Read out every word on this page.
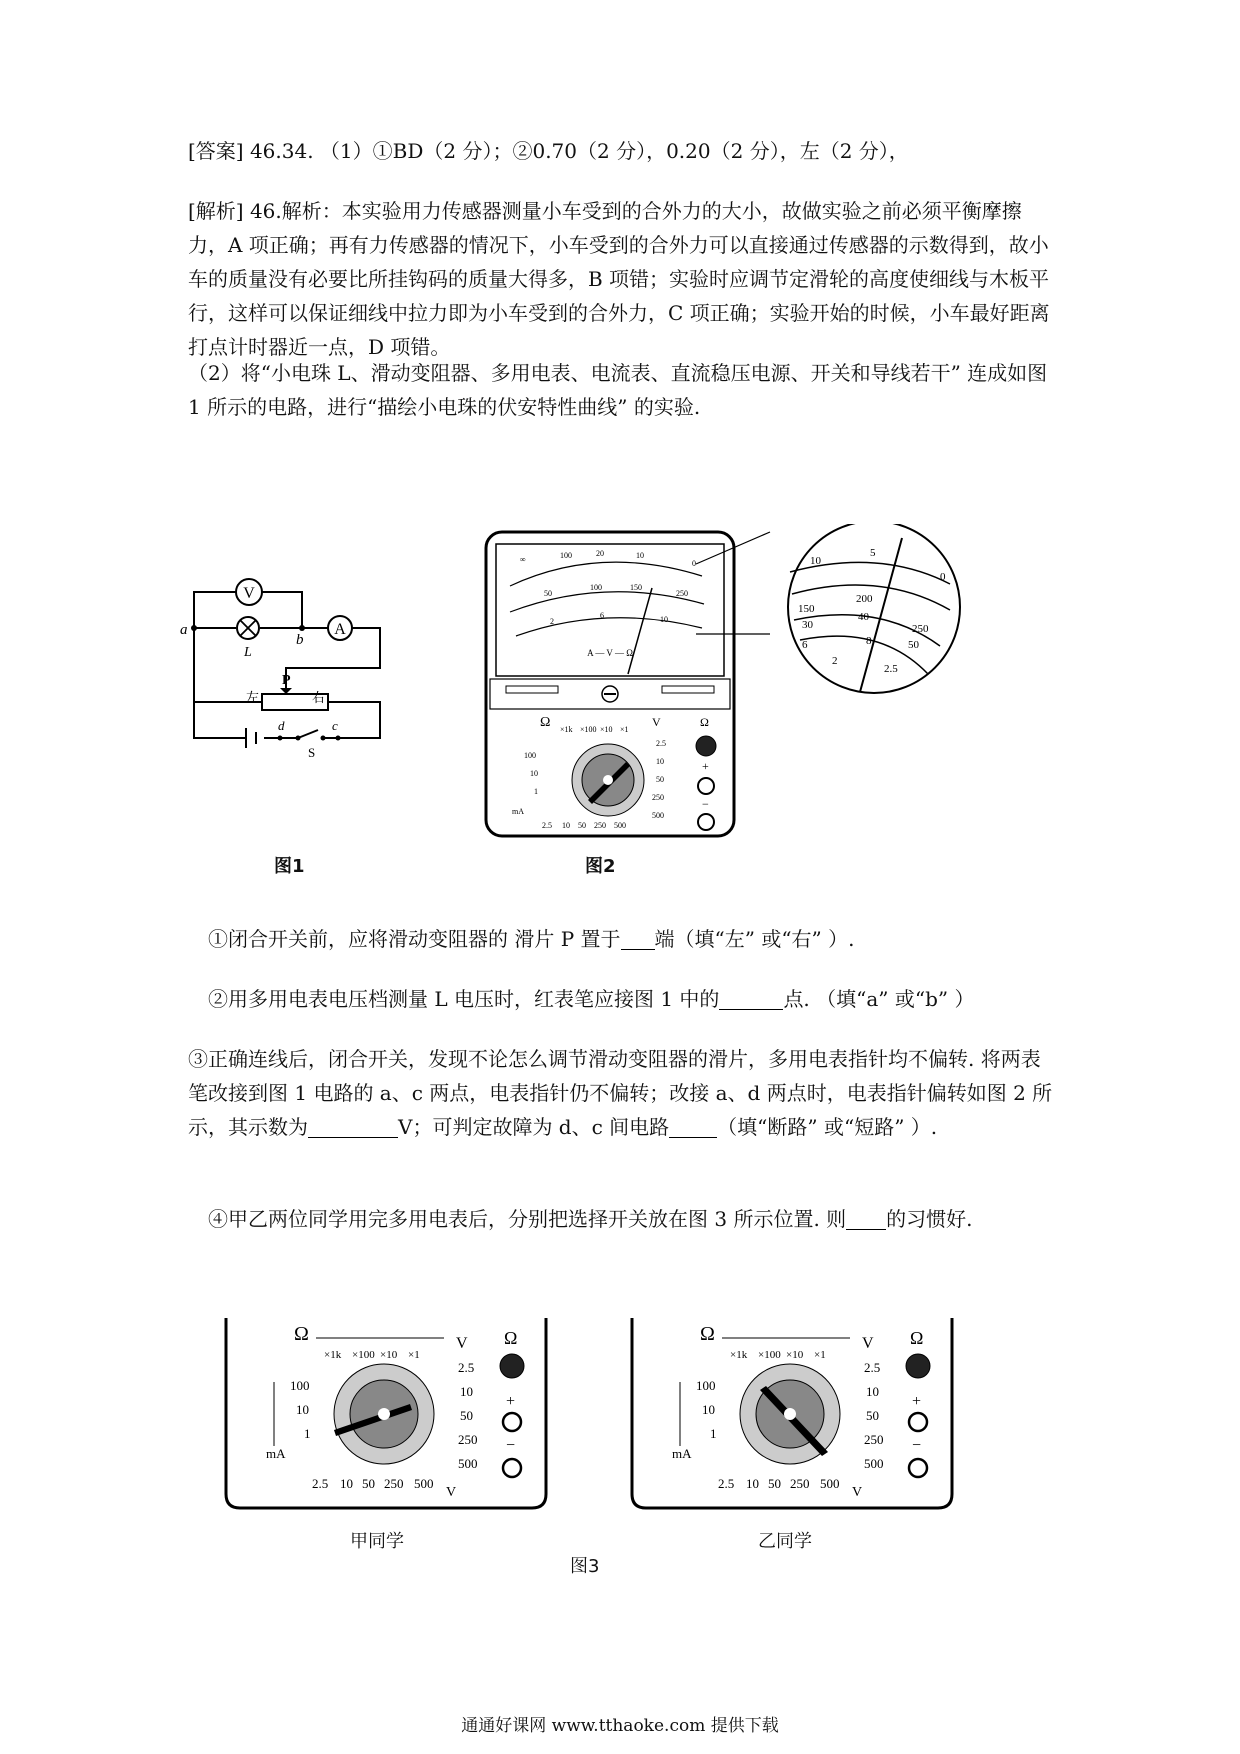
[答案] 46.34. （1）①BD（2 分）；②0.70（2 分），0.20（2 分），左（2 分），
[解析] 46.解析：本实验用力传感器测量小车受到的合外力的大小，故做实验之前必须平衡摩擦力，A 项正确；再有力传感器的情况下，小车受到的合外力可以直接通过传感器的示数得到，故小车的质量没有必要比所挂钩码的质量大得多，B 项错；实验时应调节定滑轮的高度使细线与木板平行，这样可以保证细线中拉力即为小车受到的合外力，C 项正确；实验开始的时候，小车最好距离打点计时器近一点，D 项错。
（2）将“小电珠 L、滑动变阻器、多用电表、电流表、直流稳压电源、开关和导线若干” 连成如图 1 所示的电路，进行“描绘小电珠的伏安特性曲线” 的实验.
V
A
a
b
L
P
左	右
d	c
S
图1
A — V — Ω
∞	100	20	10
0
50
100	150
250
2
6	10
Ω ×1k ×100 ×10 ×1
V
100
10
1
mA
2.5
10
50
250
500
2.5 10 50 250 500
Ω
+
−
10
5
0
150
30
200
40
250
50
6	8
2
2.5
图2
①闭合开关前，应将滑动变阻器的 滑片 P 置于 端（填“左” 或“右” ）.
②用多用电表电压档测量 L 电压时，红表笔应接图 1 中的	点. （填“a” 或“b” ）
③正确连线后，闭合开关，发现不论怎么调节滑动变阻器的滑片，多用电表指针均不偏转. 将两表笔改接到图 1 电路的 a、c 两点，电表指针仍不偏转；改接 a、d 两点时，电表指针偏转如图 2 所示，其示数为	V；可判定故障为 d、c 间电路 （填“断路” 或“短路” ）.
④甲乙两位同学用完多用电表后，分别把选择开关放在图 3 所示位置. 则 的习惯好.
Ω
×1k ×100 ×10 ×1
V
100
10
1
mA
2.5
10
50
250
500
2.5 10 50 250 500
V
Ω
+
−
Ω
×1k ×100 ×10 ×1
V
100
10
1
mA
2.5
10
50
250
500
2.5 10 50 250 500
V
Ω
+
−
甲同学	乙同学
图3
通通好课网 www.tthaoke.com 提供下载
